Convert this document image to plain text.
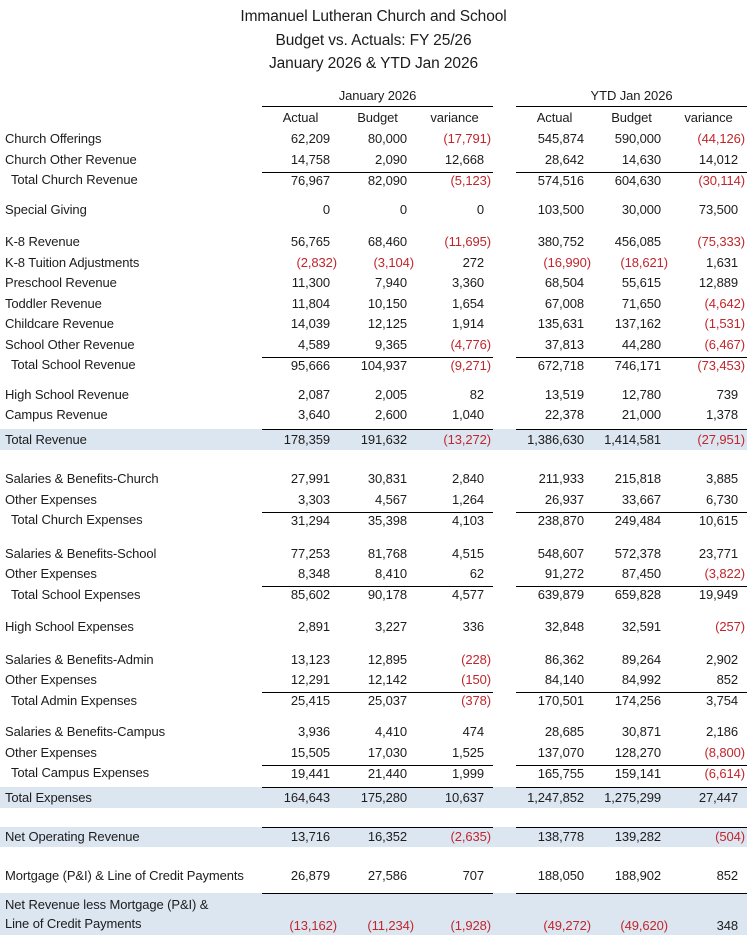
Immanuel Lutheran Church and School
Budget vs. Actuals: FY 25/26
January 2026 & YTD Jan 2026
January 2026	YTD Jan 2026
Actual	Budget	variance	Actual	Budget	variance
Church Offerings	62,209	80,000	(17,791)	545,874	590,000	(44,126)
Church Other Revenue	14,758	2,090	12,668	28,642	14,630	14,012
Total Church Revenue	76,967	82,090	(5,123)	574,516	604,630	(30,114)
Special Giving	0	0	0	103,500	30,000	73,500
K-8 Revenue	56,765	68,460	(11,695)	380,752	456,085	(75,333)
K-8 Tuition Adjustments	(2,832)	(3,104)	272	(16,990)	(18,621)	1,631
Preschool Revenue	11,300	7,940	3,360	68,504	55,615	12,889
Toddler Revenue	11,804	10,150	1,654	67,008	71,650	(4,642)
Childcare Revenue	14,039	12,125	1,914	135,631	137,162	(1,531)
School Other Revenue	4,589	9,365	(4,776)	37,813	44,280	(6,467)
Total School Revenue	95,666	104,937	(9,271)	672,718	746,171	(73,453)
High School Revenue	2,087	2,005	82	13,519	12,780	739
Campus Revenue	3,640	2,600	1,040	22,378	21,000	1,378
Total Revenue	178,359	191,632	(13,272)	1,386,630	1,414,581	(27,951)
Salaries & Benefits-Church	27,991	30,831	2,840	211,933	215,818	3,885
Other Expenses	3,303	4,567	1,264	26,937	33,667	6,730
Total Church Expenses	31,294	35,398	4,103	238,870	249,484	10,615
Salaries & Benefits-School	77,253	81,768	4,515	548,607	572,378	23,771
Other Expenses	8,348	8,410	62	91,272	87,450	(3,822)
Total School Expenses	85,602	90,178	4,577	639,879	659,828	19,949
High School Expenses	2,891	3,227	336	32,848	32,591	(257)
Salaries & Benefits-Admin	13,123	12,895	(228)	86,362	89,264	2,902
Other Expenses	12,291	12,142	(150)	84,140	84,992	852
Total Admin Expenses	25,415	25,037	(378)	170,501	174,256	3,754
Salaries & Benefits-Campus	3,936	4,410	474	28,685	30,871	2,186
Other Expenses	15,505	17,030	1,525	137,070	128,270	(8,800)
Total Campus Expenses	19,441	21,440	1,999	165,755	159,141	(6,614)
Total Expenses	164,643	175,280	10,637	1,247,852	1,275,299	27,447
Net Operating Revenue	13,716	16,352	(2,635)	138,778	139,282	(504)
Mortgage (P&I) & Line of Credit Payments	26,879	27,586	707	188,050	188,902	852
Net Revenue less Mortgage (P&I) &
Line of Credit Payments	(13,162)	(11,234)	(1,928)	(49,272)	(49,620)	348
